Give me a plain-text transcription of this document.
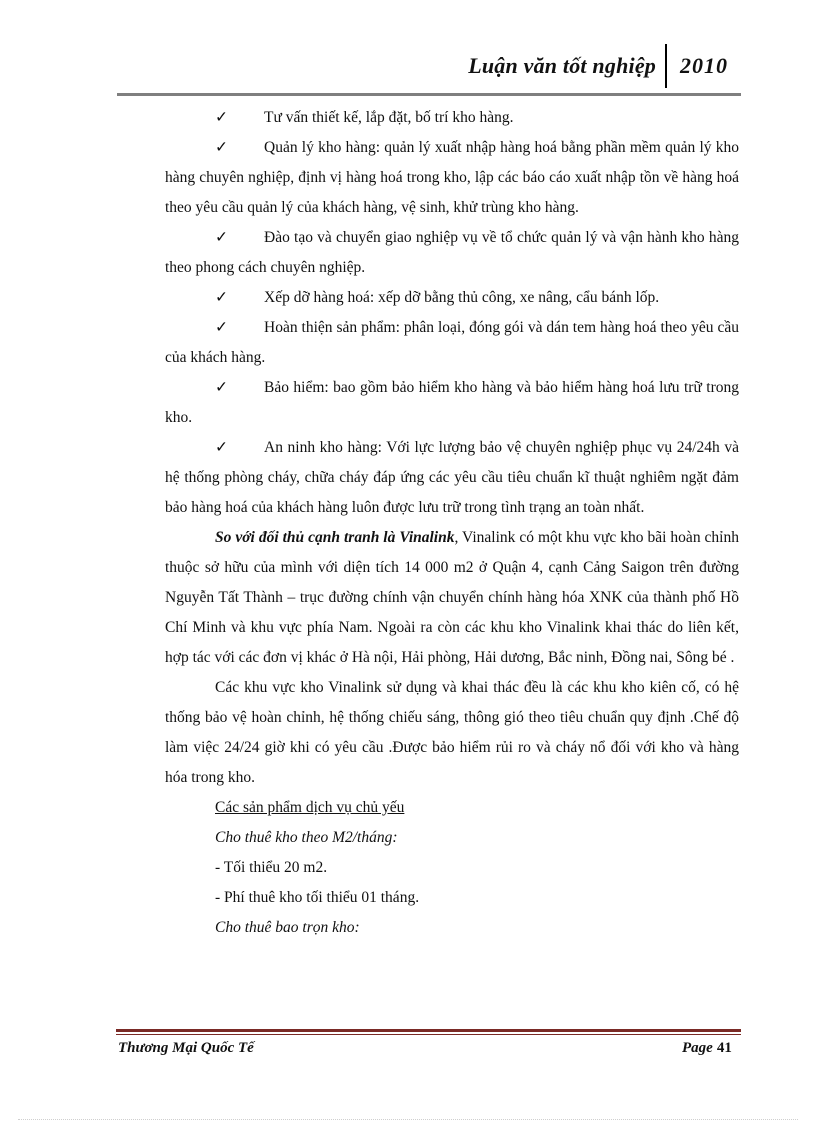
Luận văn tốt nghiệp 2010

✓ Tư vấn thiết kế, lắp đặt, bố trí kho hàng.

✓ Quản lý kho hàng: quản lý xuất nhập hàng hoá bằng phần mềm quản lý kho hàng chuyên nghiệp, định vị hàng hoá trong kho, lập các báo cáo xuất nhập tồn về hàng hoá theo yêu cầu quản lý của khách hàng, vệ sinh, khử trùng kho hàng.

✓ Đào tạo và chuyển giao nghiệp vụ về tổ chức quản lý và vận hành kho hàng theo phong cách chuyên nghiệp.

✓ Xếp dỡ hàng hoá: xếp dỡ bằng thủ công, xe nâng, cẩu bánh lốp.

✓ Hoàn thiện sản phẩm: phân loại, đóng gói và dán tem hàng hoá theo yêu cầu của khách hàng.

✓ Bảo hiểm: bao gồm bảo hiểm kho hàng và bảo hiểm hàng hoá lưu trữ trong kho.

✓ An ninh kho hàng: Với lực lượng bảo vệ chuyên nghiệp phục vụ 24/24h và hệ thống phòng cháy, chữa cháy đáp ứng các yêu cầu tiêu chuẩn kĩ thuật nghiêm ngặt đảm bảo hàng hoá của khách hàng luôn được lưu trữ trong tình trạng an toàn nhất.

So với đối thủ cạnh tranh là Vinalink, Vinalink có một khu vực kho bãi hoàn chỉnh thuộc sở hữu của mình với diện tích 14 000 m2 ở Quận 4, cạnh Cảng Saigon trên đường Nguyễn Tất Thành – trục đường chính vận chuyển chính hàng hóa XNK của thành phố Hồ Chí Minh và khu vực phía Nam. Ngoài ra còn các khu kho Vinalink khai thác do liên kết, hợp tác với các đơn vị khác ở Hà nội, Hải phòng, Hải dương, Bắc ninh, Đồng nai, Sông bé .

Các khu vực kho Vinalink sử dụng và khai thác đều là các khu kho kiên cố, có hệ thống bảo vệ hoàn chỉnh, hệ thống chiếu sáng, thông gió theo tiêu chuẩn quy định .Chế độ làm việc 24/24 giờ khi có yêu cầu .Được bảo hiểm rủi ro và cháy nổ đối với kho và hàng hóa trong kho.

Các sản phẩm dịch vụ chủ yếu

Cho thuê kho theo M2/tháng:

- Tối thiểu 20 m2.

- Phí thuê kho tối thiểu 01 tháng.

Cho thuê bao trọn kho:

Thương Mại Quốc Tế	Page 41
